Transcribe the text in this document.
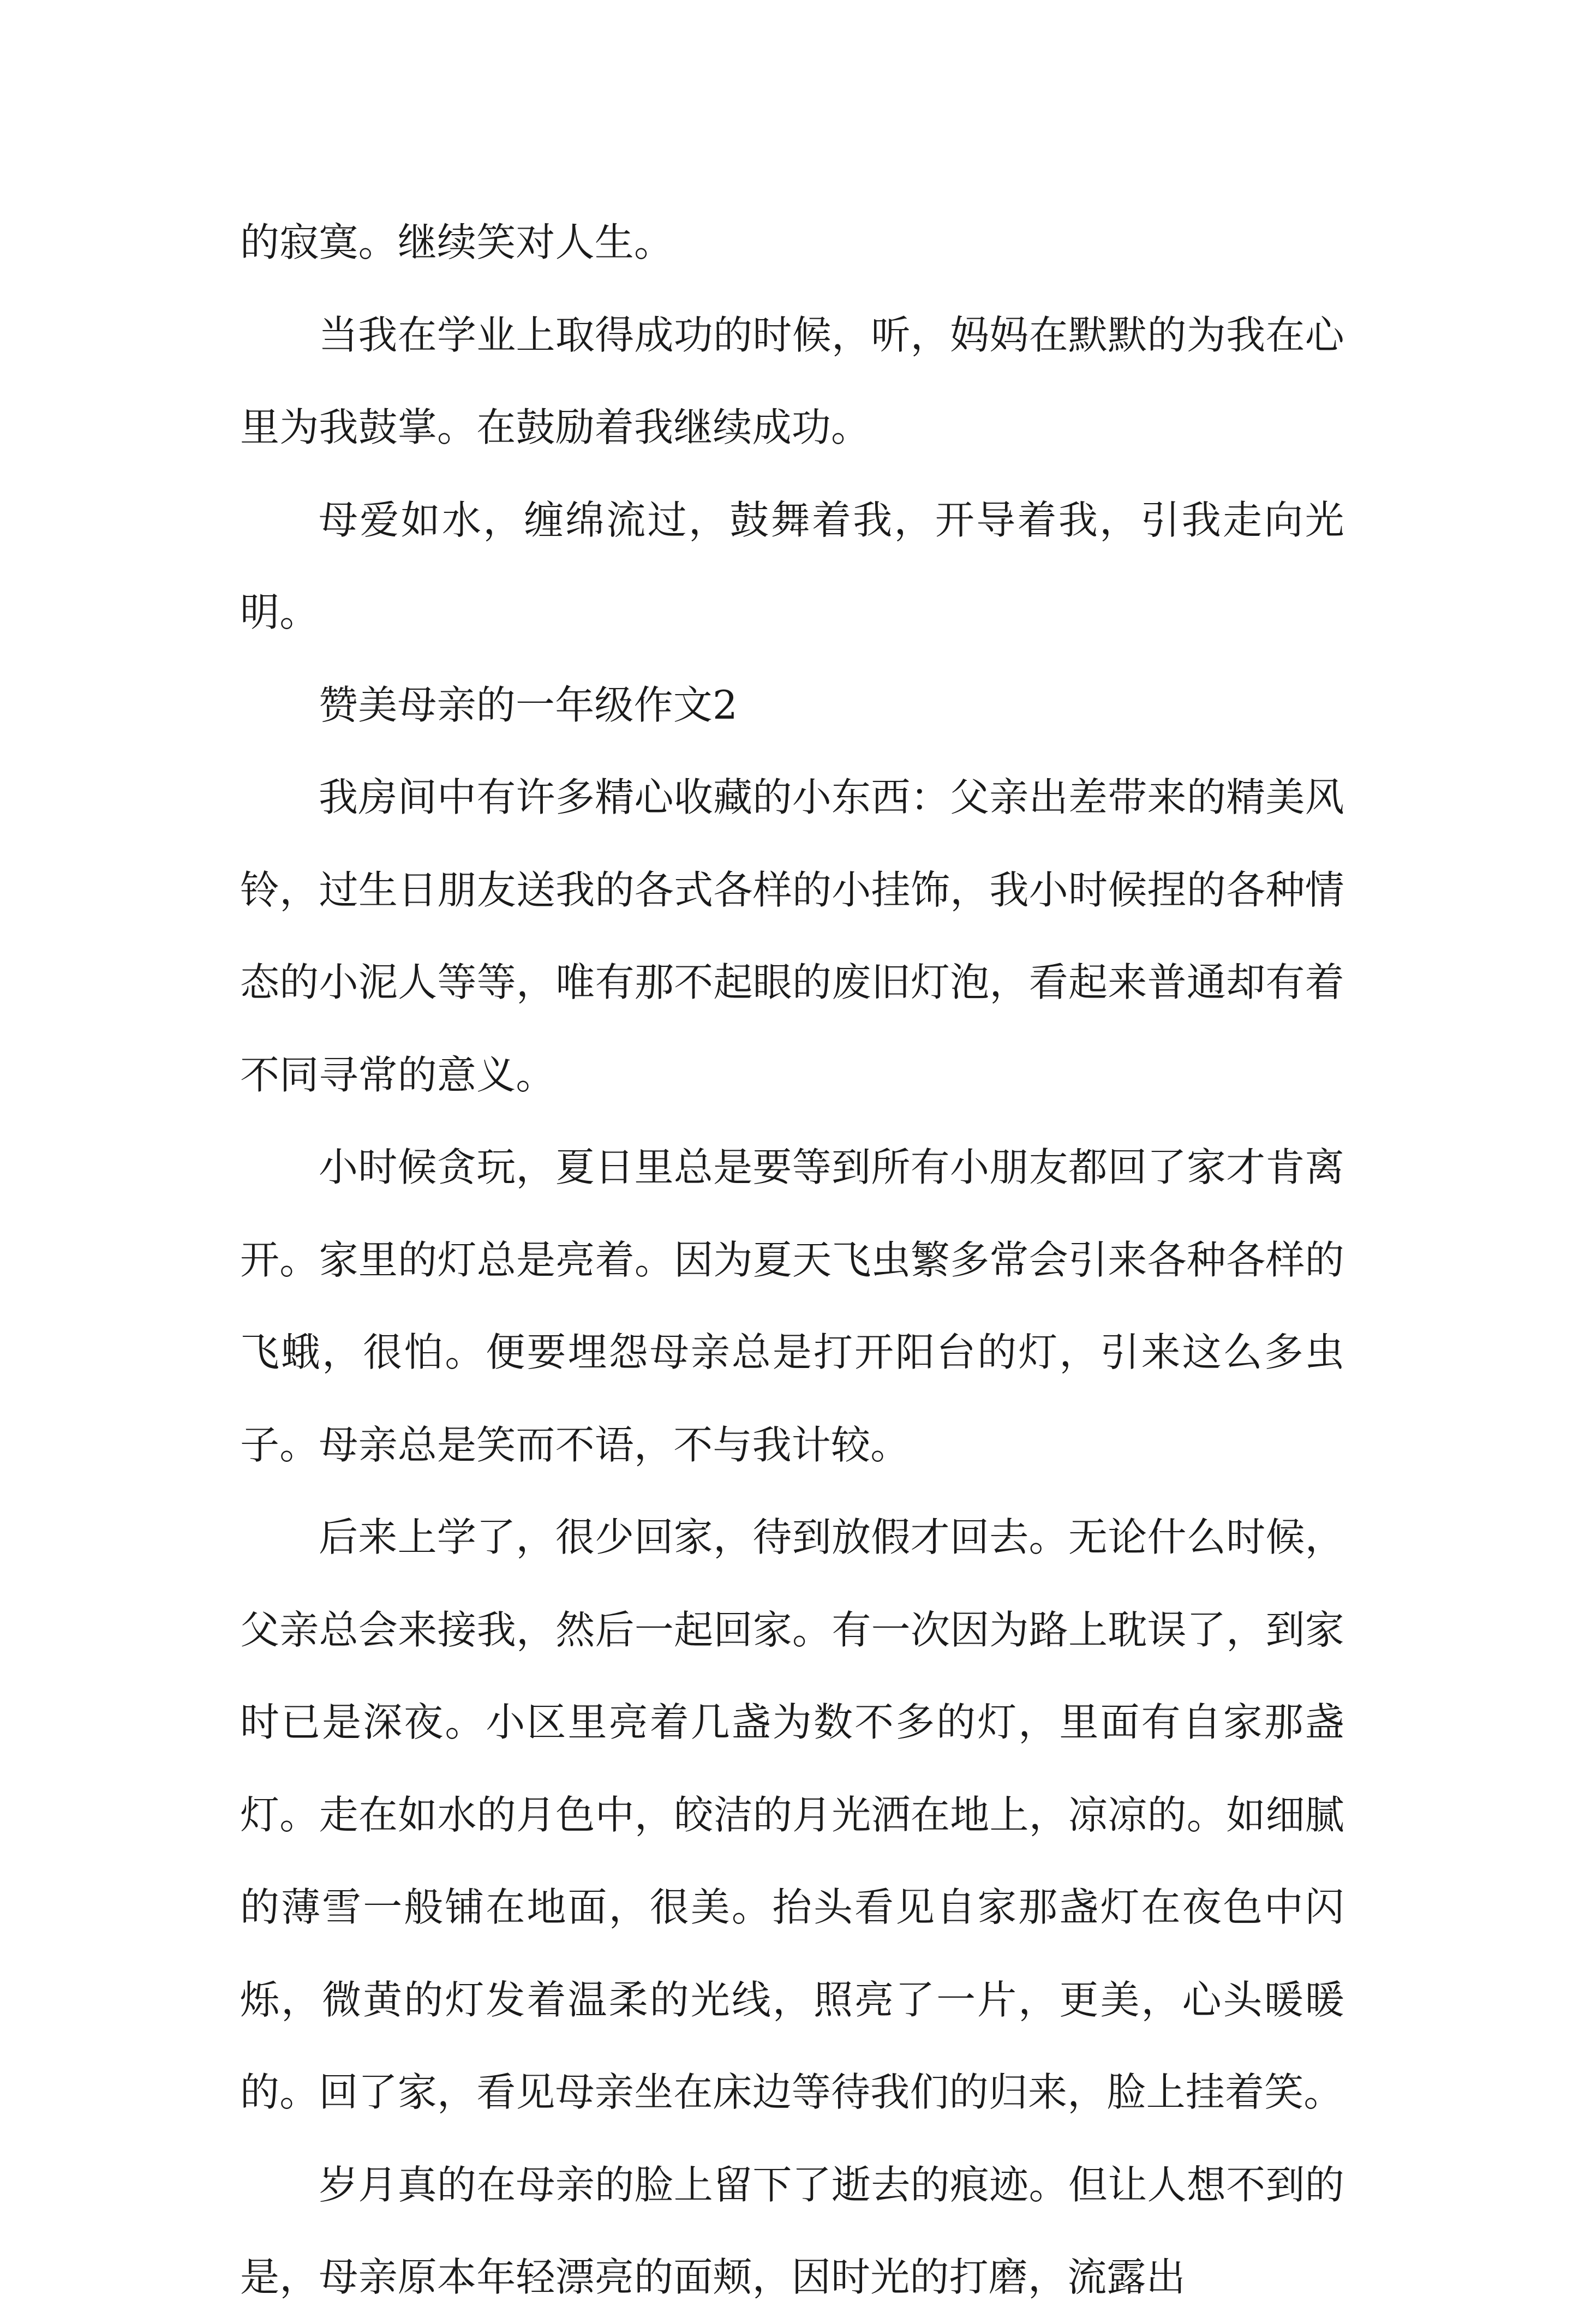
的寂寞。继续笑对人生。

当我在学业上取得成功的时候，听，妈妈在默默的为我在心里为我鼓掌。在鼓励着我继续成功。

母爱如水，缠绵流过，鼓舞着我，开导着我，引我走向光明。

赞美母亲的一年级作文2

我房间中有许多精心收藏的小东西：父亲出差带来的精美风铃，过生日朋友送我的各式各样的小挂饰，我小时候捏的各种情态的小泥人等等，唯有那不起眼的废旧灯泡，看起来普通却有着不同寻常的意义。

小时候贪玩，夏日里总是要等到所有小朋友都回了家才肯离开。家里的灯总是亮着。因为夏天飞虫繁多常会引来各种各样的飞蛾，很怕。便要埋怨母亲总是打开阳台的灯，引来这么多虫子。母亲总是笑而不语，不与我计较。

后来上学了，很少回家，待到放假才回去。无论什么时候，父亲总会来接我，然后一起回家。有一次因为路上耽误了，到家时已是深夜。小区里亮着几盏为数不多的灯，里面有自家那盏灯。走在如水的月色中，皎洁的月光洒在地上，凉凉的。如细腻的薄雪一般铺在地面，很美。抬头看见自家那盏灯在夜色中闪烁，微黄的灯发着温柔的光线，照亮了一片，更美，心头暖暖的。回了家，看见母亲坐在床边等待我们的归来，脸上挂着笑。

岁月真的在母亲的脸上留下了逝去的痕迹。但让人想不到的是，母亲原本年轻漂亮的面颊，因时光的打磨，流露出
